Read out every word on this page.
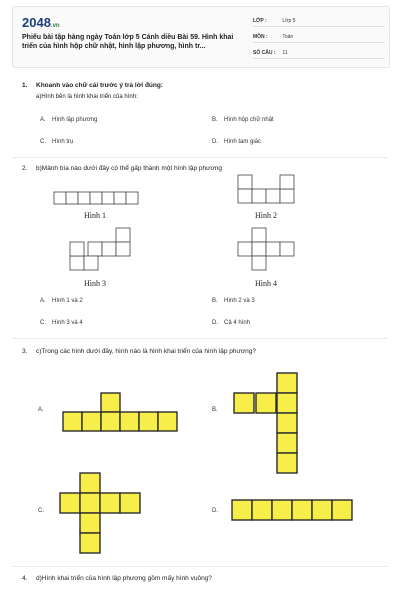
2048.vn
Phiếu bài tập hàng ngày Toán lớp 5 Cánh diều Bài 59. Hình khai triển của hình hộp chữ nhật, hình lập phương, hình tr...
LỚP :	Lớp 5
MÔN :	Toán
SỐ CÂU : 11
1. Khoanh vào chữ cái trước ý trả lời đúng:
a)Hình bên là hình khai triển của hình:
A. Hình lập phương	B. Hình hộp chữ nhật
C. Hình trụ	D. Hình tam giác
2. b)Mảnh bìa nào dưới đây có thể gấp thành một hình lập phương
Hình 1	Hình 2
Hình 3	Hình 4
A. Hình 1 và 2	B. Hình 2 và 3
C. Hình 3 và 4	D. Cả 4 hình
3. c)Trong các hình dưới đây, hình nào là hình khai triển của hình lập phương?
A.	B.
C.	D.
4. d)Hình khai triển của hình lập phương gồm mấy hình vuông?
